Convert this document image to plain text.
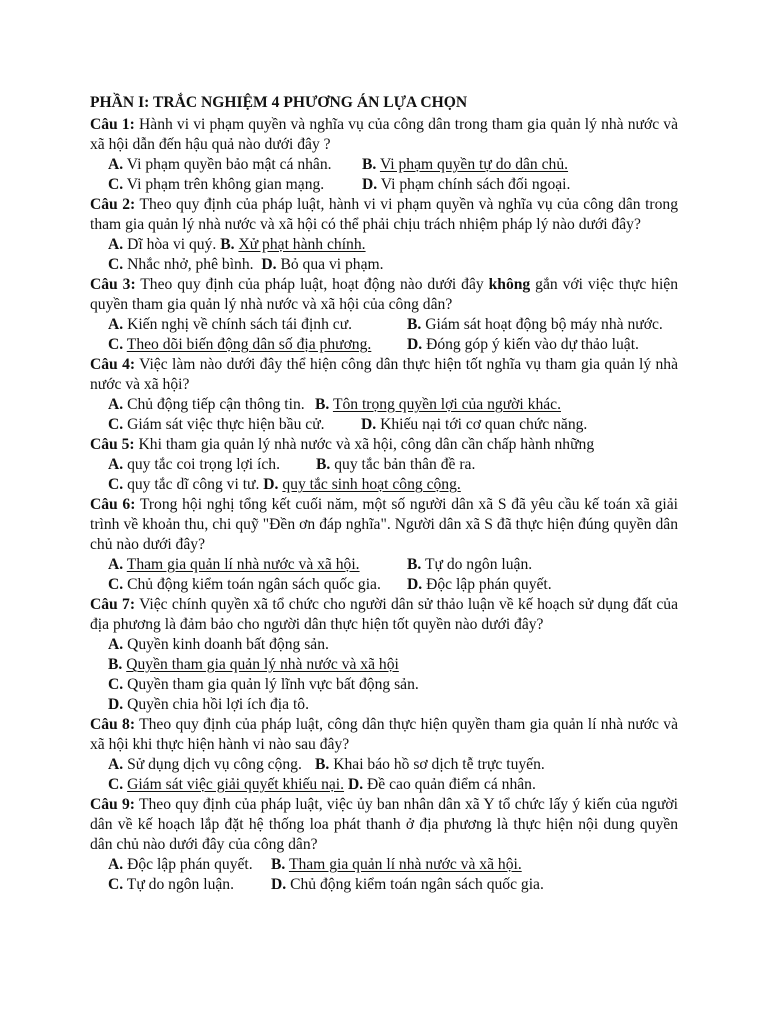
PHẦN I: TRẮC NGHIỆM 4 PHƯƠNG ÁN LỰA CHỌN
Câu 1: Hành vi vi phạm quyền và nghĩa vụ của công dân trong tham gia quản lý nhà nước và xã hội dẫn đến hậu quả nào dưới đây ?
A. Vi phạm quyền bảo mật cá nhân. B. Vi phạm quyền tự do dân chủ.
C. Vi phạm trên không gian mạng. D. Vi phạm chính sách đối ngoại.
Câu 2: Theo quy định của pháp luật, hành vi vi phạm quyền và nghĩa vụ của công dân trong tham gia quản lý nhà nước và xã hội có thể phải chịu trách nhiệm pháp lý nào dưới đây?
A. Dĩ hòa vi quý. B. Xử phạt hành chính.
C. Nhắc nhở, phê bình. D. Bỏ qua vi phạm.
Câu 3: Theo quy định của pháp luật, hoạt động nào dưới đây không gắn với việc thực hiện quyền tham gia quản lý nhà nước và xã hội của công dân?
A. Kiến nghị về chính sách tái định cư.	B. Giám sát hoạt động bộ máy nhà nước.
C. Theo dõi biến động dân số địa phương. D. Đóng góp ý kiến vào dự thảo luật.
Câu 4: Việc làm nào dưới đây thể hiện công dân thực hiện tốt nghĩa vụ tham gia quản lý nhà nước và xã hội?
A. Chủ động tiếp cận thông tin. B. Tôn trọng quyền lợi của người khác.
C. Giám sát việc thực hiện bầu cử. D. Khiếu nại tới cơ quan chức năng.
Câu 5: Khi tham gia quản lý nhà nước và xã hội, công dân cần chấp hành những
A. quy tắc coi trọng lợi ích. B. quy tắc bản thân đề ra.
C. quy tắc dĩ công vi tư. D. quy tắc sinh hoạt công cộng.
Câu 6: Trong hội nghị tổng kết cuối năm, một số người dân xã S đã yêu cầu kế toán xã giải trình về khoản thu, chi quỹ "Đền ơn đáp nghĩa". Người dân xã S đã thực hiện đúng quyền dân chủ nào dưới đây?
A. Tham gia quản lí nhà nước và xã hội.	B. Tự do ngôn luận.
C. Chủ động kiểm toán ngân sách quốc gia. D. Độc lập phán quyết.
Câu 7: Việc chính quyền xã tổ chức cho người dân sử thảo luận về kế hoạch sử dụng đất của địa phương là đảm bảo cho người dân thực hiện tốt quyền nào dưới đây?
A. Quyền kinh doanh bất động sản.
B. Quyền tham gia quản lý nhà nước và xã hội
C. Quyền tham gia quản lý lĩnh vực bất động sản.
D. Quyền chia hồi lợi ích địa tô.
Câu 8: Theo quy định của pháp luật, công dân thực hiện quyền tham gia quản lí nhà nước và xã hội khi thực hiện hành vi nào sau đây?
A. Sử dụng dịch vụ công cộng. B. Khai báo hồ sơ dịch tễ trực tuyến.
C. Giám sát việc giải quyết khiếu nại. D. Đề cao quản điểm cá nhân.
Câu 9: Theo quy định của pháp luật, việc ủy ban nhân dân xã Y tổ chức lấy ý kiến của người dân về kế hoạch lắp đặt hệ thống loa phát thanh ở địa phương là thực hiện nội dung quyền dân chủ nào dưới đây của công dân?
A. Độc lập phán quyết. B. Tham gia quản lí nhà nước và xã hội.
C. Tự do ngôn luận. D. Chủ động kiểm toán ngân sách quốc gia.
